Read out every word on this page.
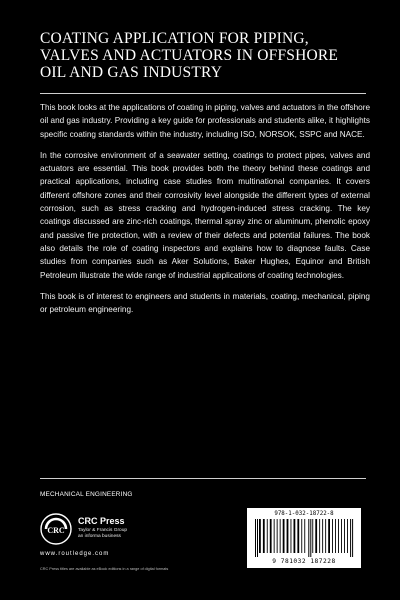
COATING APPLICATION FOR PIPING,
VALVES AND ACTUATORS IN OFFSHORE
OIL AND GAS INDUSTRY

This book looks at the applications of coating in piping, valves and actuators in the offshore oil and gas industry. Providing a key guide for professionals and students alike, it highlights specific coating standards within the industry, including ISO, NORSOK, SSPC and NACE.

In the corrosive environment of a seawater setting, coatings to protect pipes, valves and actuators are essential. This book provides both the theory behind these coatings and practical applications, including case studies from multinational companies. It covers different offshore zones and their corrosivity level alongside the different types of external corrosion, such as stress cracking and hydrogen-induced stress cracking. The key coatings discussed are zinc-rich coatings, thermal spray zinc or aluminum, phenolic epoxy and passive fire protection, with a review of their defects and potential failures. The book also details the role of coating inspectors and explains how to diagnose faults. Case studies from companies such as Aker Solutions, Baker Hughes, Equinor and British Petroleum illustrate the wide range of industrial applications of coating technologies.

This book is of interest to engineers and students in materials, coating, mechanical, piping or petroleum engineering.

MECHANICAL ENGINEERING
CRC
CRC Press
Taylor & Francis Group
an informa business
www.routledge.com
CRC Press titles are available as eBook editions in a range of digital formats
978-1-032-18722-8
9 781032 187228
